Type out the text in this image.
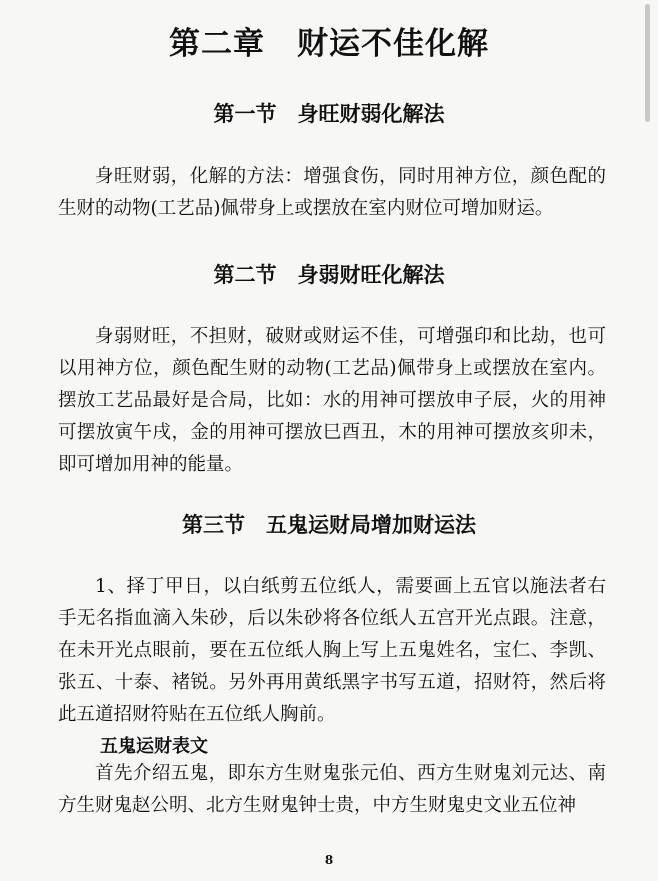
第二章　财运不佳化解
第一节　身旺财弱化解法

身旺财弱，化解的方法：增强食伤，同时用神方位，颜色配的生财的动物(工艺品)佩带身上或摆放在室内财位可增加财运。

第二节　身弱财旺化解法

身弱财旺，不担财，破财或财运不佳，可增强印和比劫，也可以用神方位，颜色配生财的动物(工艺品)佩带身上或摆放在室内。摆放工艺品最好是合局，比如：水的用神可摆放申子辰，火的用神可摆放寅午戌，金的用神可摆放巳酉丑，木的用神可摆放亥卯未，即可增加用神的能量。

第三节　五鬼运财局增加财运法

1、择丁甲日，以白纸剪五位纸人，需要画上五官以施法者右手无名指血滴入朱砂，后以朱砂将各位纸人五宫开光点跟。注意，在未开光点眼前，要在五位纸人胸上写上五鬼姓名，宝仁、李凯、张五、十泰、褚锐。另外再用黄纸黑字书写五道，招财符，然后将此五道招财符贴在五位纸人胸前。

五鬼运财表文

首先介绍五鬼，即东方生财鬼张元伯、西方生财鬼刘元达、南方生财鬼赵公明、北方生财鬼钟士贵，中方生财鬼史文业五位神

8
